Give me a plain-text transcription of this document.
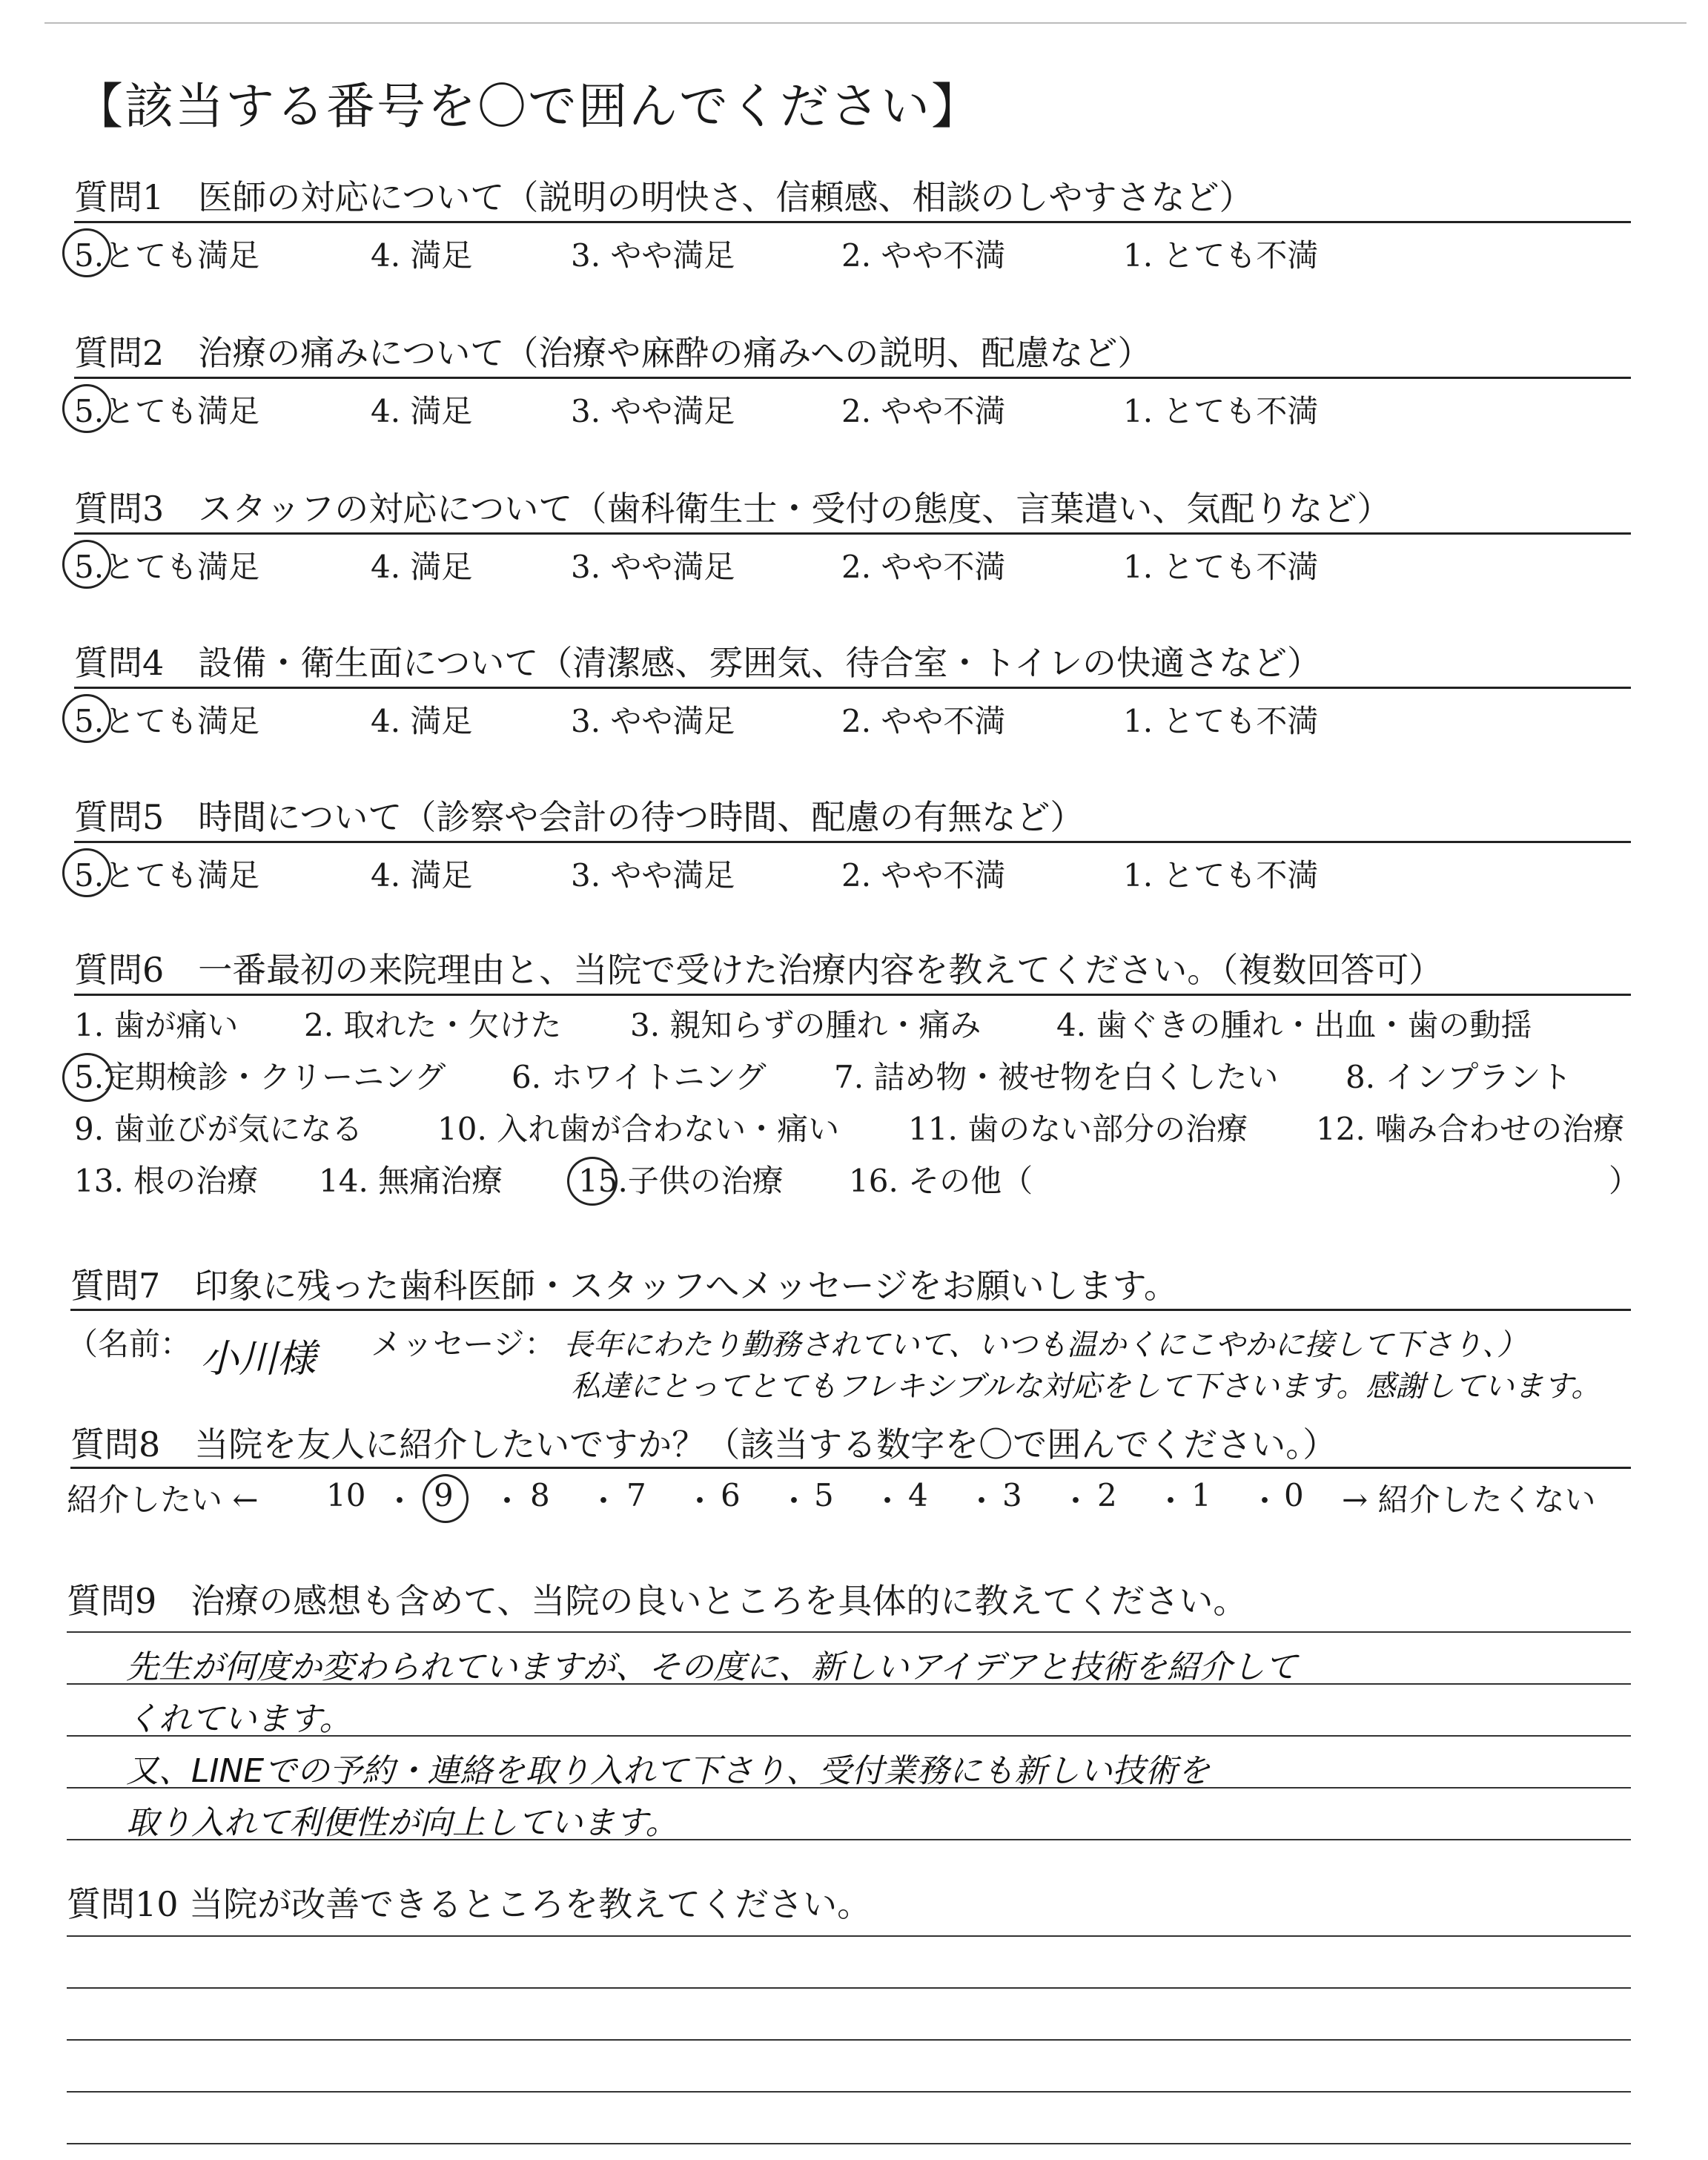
【該当する番号を〇で囲んでください】
質問1　医師の対応について（説明の明快さ、信頼感、相談のしやすさなど）
5.とても満足	4. 満足	3. やや満足	2. やや不満	1. とても不満
質問2　治療の痛みについて（治療や麻酔の痛みへの説明、配慮など）
5.とても満足	4. 満足	3. やや満足	2. やや不満	1. とても不満
質問3　スタッフの対応について（歯科衛生士・受付の態度、言葉遣い、気配りなど）
5.とても満足	4. 満足	3. やや満足	2. やや不満	1. とても不満
質問4　設備・衛生面について（清潔感、雰囲気、待合室・トイレの快適さなど）
5.とても満足	4. 満足	3. やや満足	2. やや不満	1. とても不満
質問5　時間について（診察や会計の待つ時間、配慮の有無など）
5.とても満足	4. 満足	3. やや満足	2. やや不満	1. とても不満
質問6　一番最初の来院理由と、当院で受けた治療内容を教えてください。（複数回答可）
1. 歯が痛い 2. 取れた・欠けた 3. 親知らずの腫れ・痛み 4. 歯ぐきの腫れ・出血・歯の動揺
5.定期検診・クリーニング 6. ホワイトニング 7. 詰め物・被せ物を白くしたい 8. インプラント
9. 歯並びが気になる 10. 入れ歯が合わない・痛い 11. 歯のない部分の治療 12. 噛み合わせの治療
13. 根の治療 14. 無痛治療 15.子供の治療 16. その他（	）
質問7　印象に残った歯科医師・スタッフへメッセージをお願いします。
（名前： 小川様 メッセージ： 長年にわたり勤務されていて、いつも温かくにこやかに接して下さり、）
私達にとってとてもフレキシブルな対応をして下さいます。感謝しています。
質問8　当院を友人に紹介したいですか？（該当する数字を〇で囲んでください。）
紹介したい ← 10 ・ 9 ・ 8 ・ 7 ・ 6 ・ 5 ・ 4 ・ 3 ・ 2 ・ 1 ・ 0 → 紹介したくない
質問9　治療の感想も含めて、当院の良いところを具体的に教えてください。
先生が何度か変わられていますが、その度に、新しいアイデアと技術を紹介して
くれています。
又、LINEでの予約・連絡を取り入れて下さり、受付業務にも新しい技術を
取り入れて利便性が向上しています。
質問10 当院が改善できるところを教えてください。
